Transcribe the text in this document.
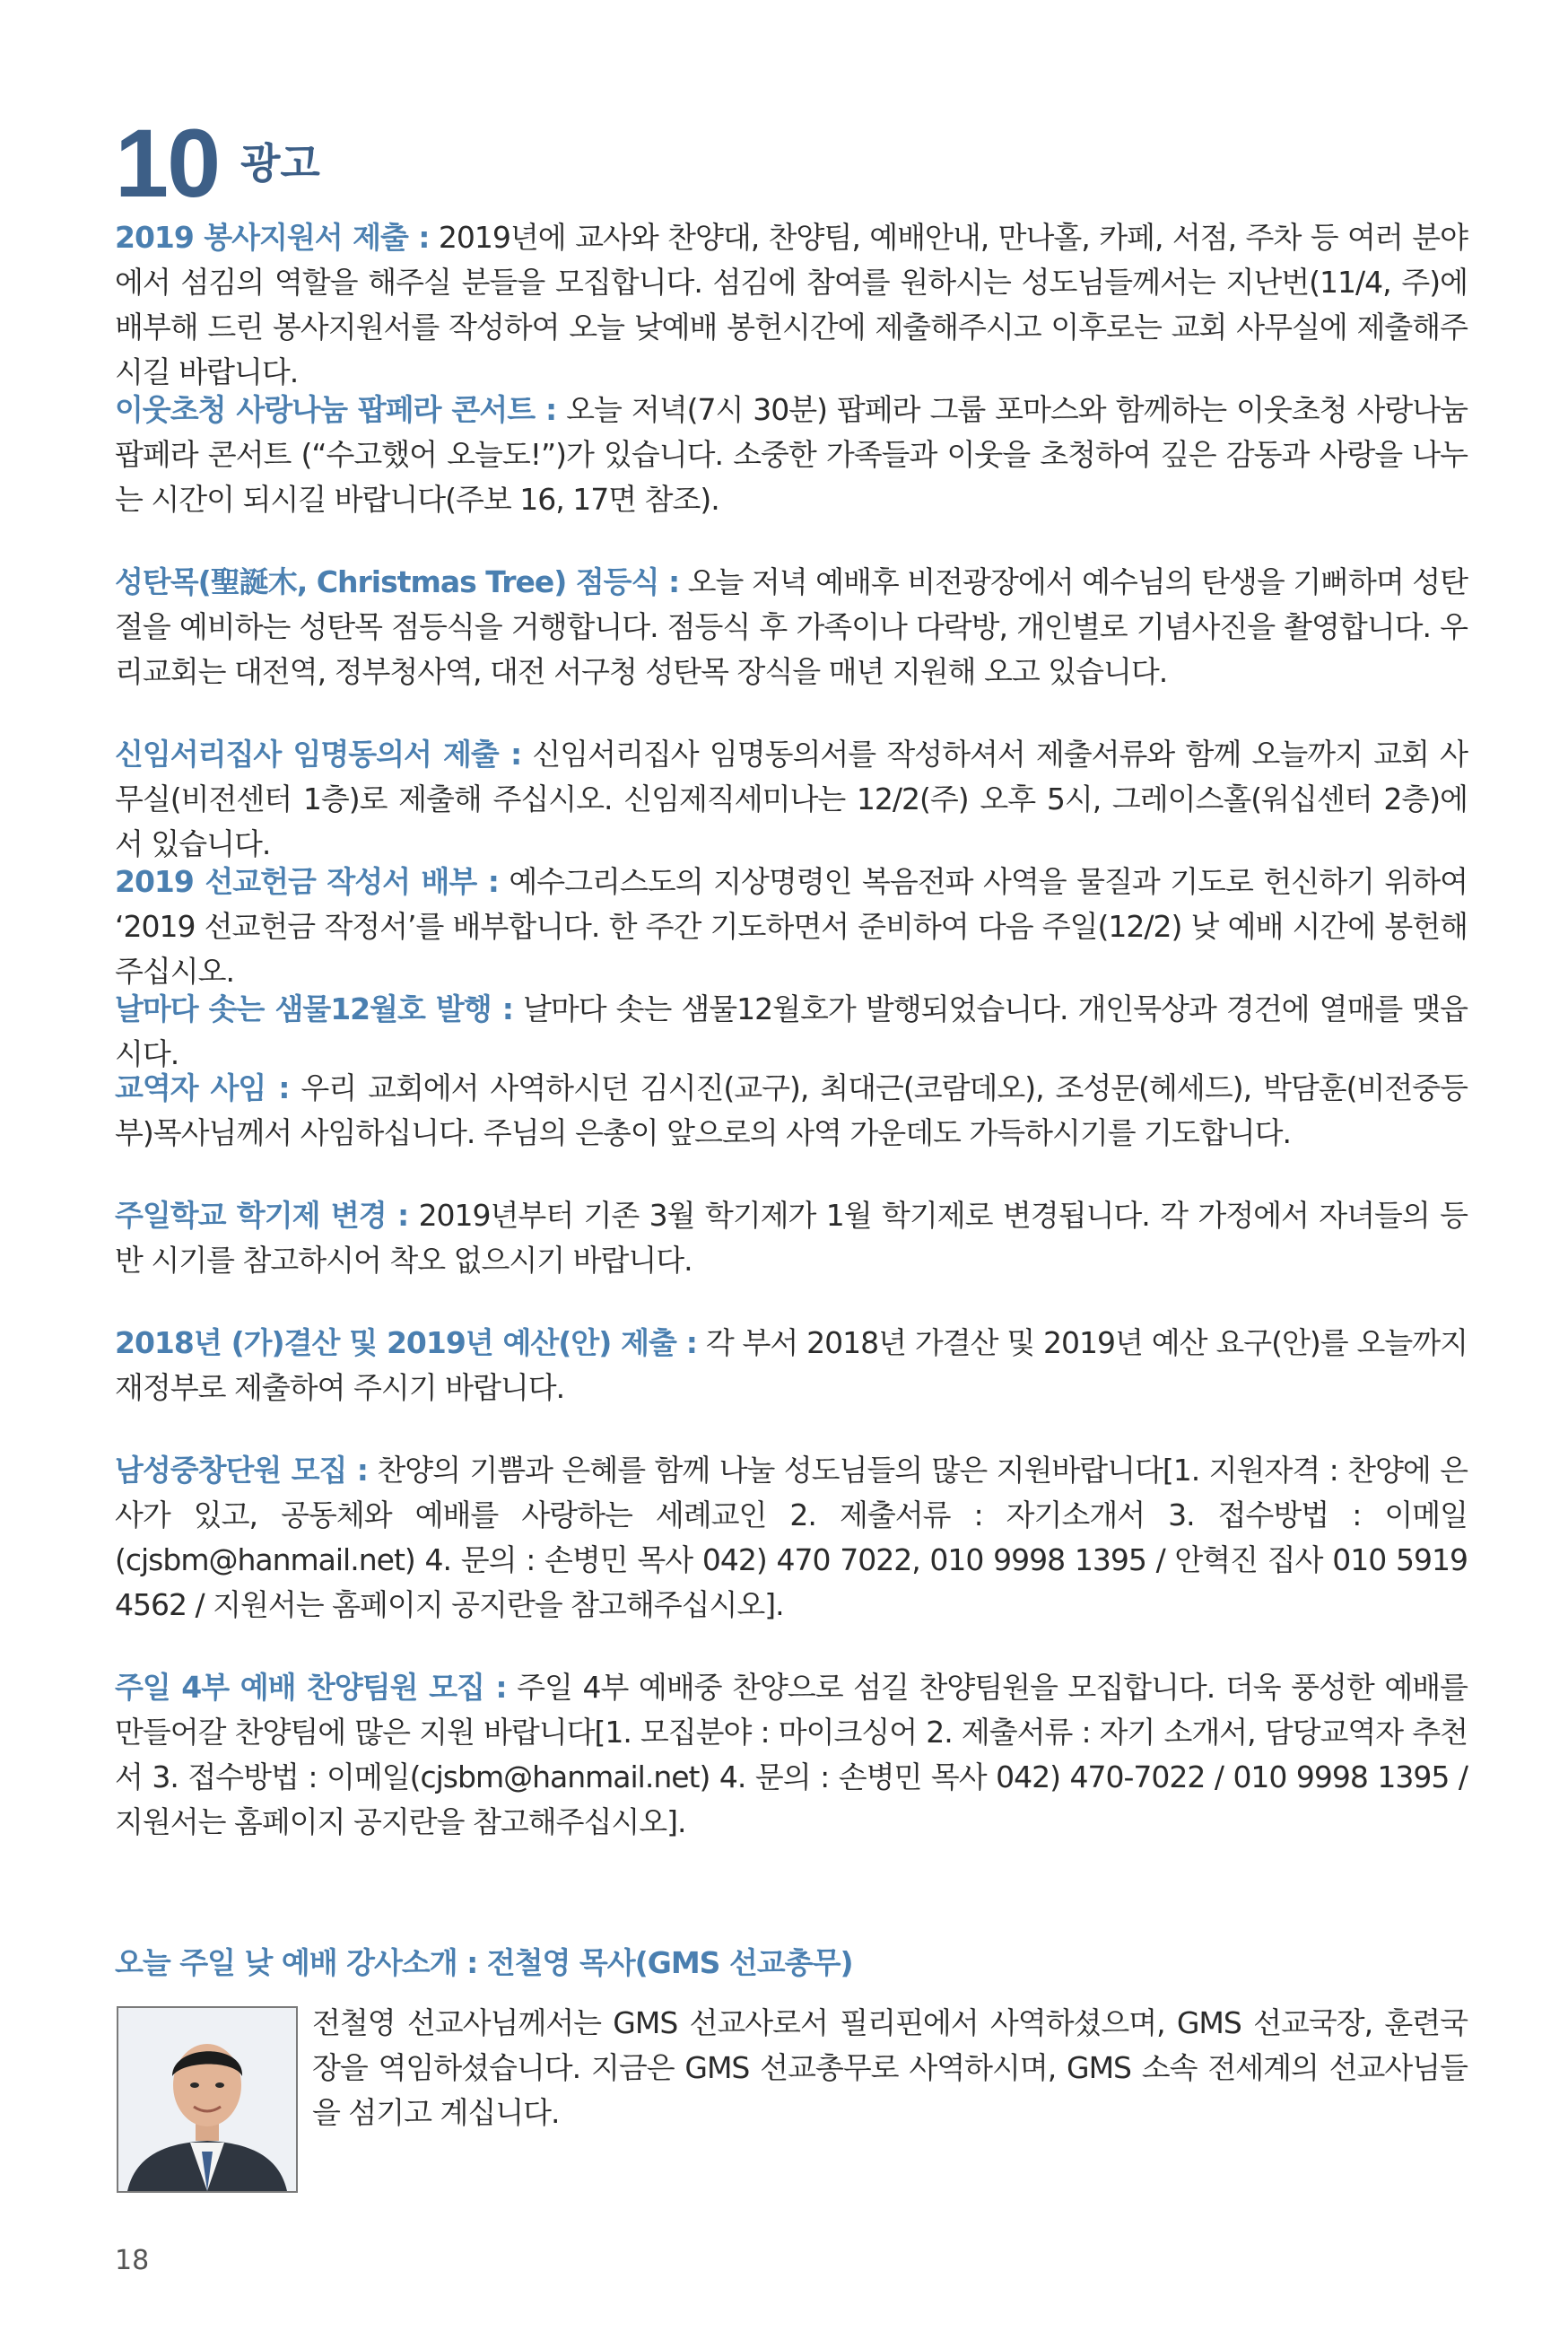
10 광고

2019 봉사지원서 제출 : 2019년에 교사와 찬양대, 찬양팀, 예배안내, 만나홀, 카페, 서점, 주차 등 여러 분야에서 섬김의 역할을 해주실 분들을 모집합니다. 섬김에 참여를 원하시는 성도님들께서는 지난번(11/4, 주)에 배부해 드린 봉사지원서를 작성하여 오늘 낮예배 봉헌시간에 제출해주시고 이후로는 교회 사무실에 제출해주시길 바랍니다.

이웃초청 사랑나눔 팝페라 콘서트 : 오늘 저녁(7시 30분) 팝페라 그룹 포마스와 함께하는 이웃초청 사랑나눔 팝페라 콘서트 (“수고했어 오늘도!”)가 있습니다. 소중한 가족들과 이웃을 초청하여 깊은 감동과 사랑을 나누는 시간이 되시길 바랍니다(주보 16, 17면 참조).

성탄목(聖誕木, Christmas Tree) 점등식 : 오늘 저녁 예배후 비전광장에서 예수님의 탄생을 기뻐하며 성탄절을 예비하는 성탄목 점등식을 거행합니다. 점등식 후 가족이나 다락방, 개인별로 기념사진을 촬영합니다. 우리교회는 대전역, 정부청사역, 대전 서구청 성탄목 장식을 매년 지원해 오고 있습니다.

신임서리집사 임명동의서 제출 : 신임서리집사 임명동의서를 작성하셔서 제출서류와 함께 오늘까지 교회 사무실(비전센터 1층)로 제출해 주십시오. 신임제직세미나는 12/2(주) 오후 5시, 그레이스홀(워십센터 2층)에서 있습니다.

2019 선교헌금 작성서 배부 : 예수그리스도의 지상명령인 복음전파 사역을 물질과 기도로 헌신하기 위하여 ‘2019 선교헌금 작정서’를 배부합니다. 한 주간 기도하면서 준비하여 다음 주일(12/2) 낮 예배 시간에 봉헌해 주십시오.

날마다 솟는 샘물12월호 발행 : 날마다 솟는 샘물12월호가 발행되었습니다. 개인묵상과 경건에 열매를 맺읍시다.

교역자 사임 : 우리 교회에서 사역하시던 김시진(교구), 최대근(코람데오), 조성문(헤세드), 박담훈(비전중등부)목사님께서 사임하십니다. 주님의 은총이 앞으로의 사역 가운데도 가득하시기를 기도합니다.

주일학교 학기제 변경 : 2019년부터 기존 3월 학기제가 1월 학기제로 변경됩니다. 각 가정에서 자녀들의 등반 시기를 참고하시어 착오 없으시기 바랍니다.

2018년 (가)결산 및 2019년 예산(안) 제출 : 각 부서 2018년 가결산 및 2019년 예산 요구(안)를 오늘까지 재정부로 제출하여 주시기 바랍니다.

남성중창단원 모집 : 찬양의 기쁨과 은혜를 함께 나눌 성도님들의 많은 지원바랍니다[1. 지원자격 : 찬양에 은사가 있고, 공동체와 예배를 사랑하는 세례교인 2. 제출서류 : 자기소개서 3. 접수방법 : 이메일(cjsbm@hanmail.net) 4. 문의 : 손병민 목사 042) 470 7022, 010 9998 1395 / 안혁진 집사 010 5919 4562 / 지원서는 홈페이지 공지란을 참고해주십시오].

주일 4부 예배 찬양팀원 모집 : 주일 4부 예배중 찬양으로 섬길 찬양팀원을 모집합니다. 더욱 풍성한 예배를 만들어갈 찬양팀에 많은 지원 바랍니다[1. 모집분야 : 마이크싱어 2. 제출서류 : 자기 소개서, 담당교역자 추천서 3. 접수방법 : 이메일(cjsbm@hanmail.net) 4. 문의 : 손병민 목사 042) 470-7022 / 010 9998 1395 / 지원서는 홈페이지 공지란을 참고해주십시오].

오늘 주일 낮 예배 강사소개 : 전철영 목사(GMS 선교총무)

전철영 선교사님께서는 GMS 선교사로서 필리핀에서 사역하셨으며, GMS 선교국장, 훈련국장을 역임하셨습니다. 지금은 GMS 선교총무로 사역하시며, GMS 소속 전세계의 선교사님들을 섬기고 계십니다.

18
